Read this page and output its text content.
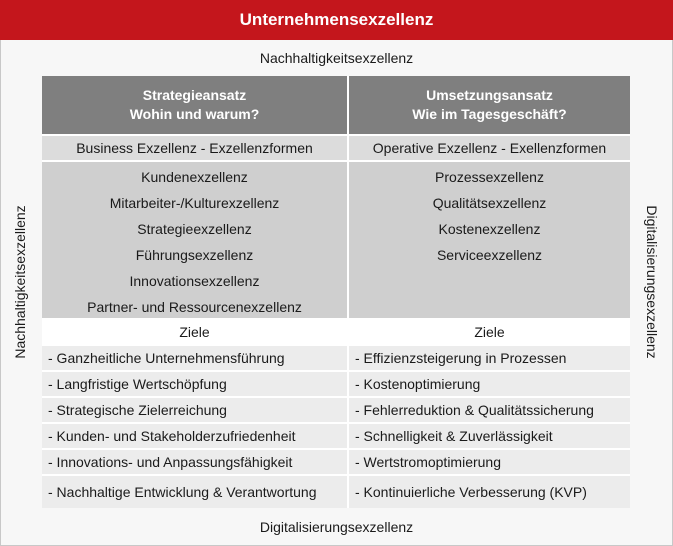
Unternehmensexzellenz
Nachhaltigkeitsexzellenz
Digitalisierungsexzellenz
Nachhaltigkeitsexzellenz	Digitalisierungsexzellenz
Strategieansatz
Wohin und warum?
Business Exzellenz - Exzellenzformen
Kundenexzellenz
Mitarbeiter-/Kulturexzellenz
Strategieexzellenz
Führungsexzellenz
Innovationsexzellenz
Partner- und Ressourcenexzellenz
Ziele
- Ganzheitliche Unternehmensführung
- Langfristige Wertschöpfung
- Strategische Zielerreichung
- Kunden- und Stakeholderzufriedenheit
- Innovations- und Anpassungsfähigkeit
- Nachhaltige Entwicklung & Verantwortung
Umsetzungsansatz
Wie im Tagesgeschäft?
Operative Exzellenz - Exellenzformen
Prozessexzellenz
Qualitätsexzellenz
Kostenexzellenz
Serviceexzellenz
Ziele
- Effizienzsteigerung in Prozessen
- Kostenoptimierung
- Fehlerreduktion & Qualitätssicherung
- Schnelligkeit & Zuverlässigkeit
- Wertstromoptimierung
- Kontinuierliche Verbesserung (KVP)
